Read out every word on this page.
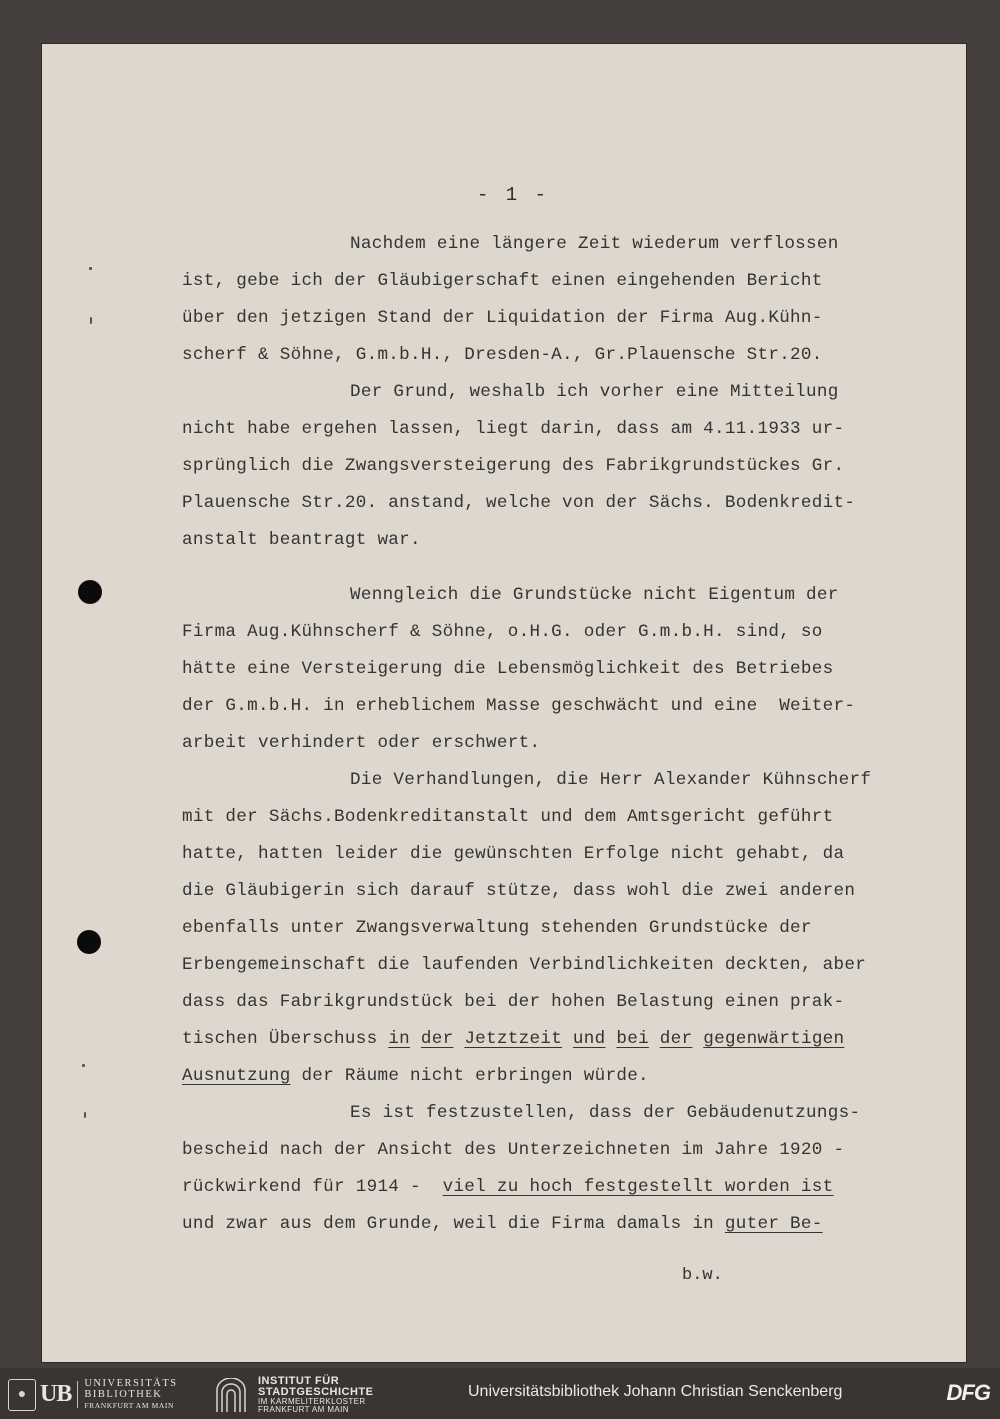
- 1 -
Nachdem eine längere Zeit wiederum verflossen
ist, gebe ich der Gläubigerschaft einen eingehenden Bericht
über den jetzigen Stand der Liquidation der Firma Aug.Kühn-
scherf & Söhne, G.m.b.H., Dresden-A., Gr.Plauensche Str.20.
Der Grund, weshalb ich vorher eine Mitteilung
nicht habe ergehen lassen, liegt darin, dass am 4.11.1933 ur-
sprünglich die Zwangsversteigerung des Fabrikgrundstückes Gr.
Plauensche Str.20. anstand, welche von der Sächs. Bodenkredit-
anstalt beantragt war.
Wenngleich die Grundstücke nicht Eigentum der
Firma Aug.Kühnscherf & Söhne, o.H.G. oder G.m.b.H. sind, so
hätte eine Versteigerung die Lebensmöglichkeit des Betriebes
der G.m.b.H. in erheblichem Masse geschwächt und eine  Weiter-
arbeit verhindert oder erschwert.
Die Verhandlungen, die Herr Alexander Kühnscherf
mit der Sächs.Bodenkreditanstalt und dem Amtsgericht geführt
hatte, hatten leider die gewünschten Erfolge nicht gehabt, da
die Gläubigerin sich darauf stütze, dass wohl die zwei anderen
ebenfalls unter Zwangsverwaltung stehenden Grundstücke der
Erbengemeinschaft die laufenden Verbindlichkeiten deckten, aber
dass das Fabrikgrundstück bei der hohen Belastung einen prak-
tischen Überschuss in der Jetztzeit und bei der gegenwärtigen
Ausnutzung der Räume nicht erbringen würde.
Es ist festzustellen, dass der Gebäudenutzungs-
bescheid nach der Ansicht des Unterzeichneten im Jahre 1920 -
rückwirkend für 1914 -  viel zu hoch festgestellt worden ist
und zwar aus dem Grunde, weil die Firma damals in guter Be-
b.w.
● UB	UNIVERSITÄTS
BIBLIOTHEK
FRANKFURT AM MAIN
INSTITUT FÜR
STADTGESCHICHTE
IM KARMELITERKLOSTER
FRANKFURT AM MAIN
Universitätsbibliothek Johann Christian Senckenberg	DFG
